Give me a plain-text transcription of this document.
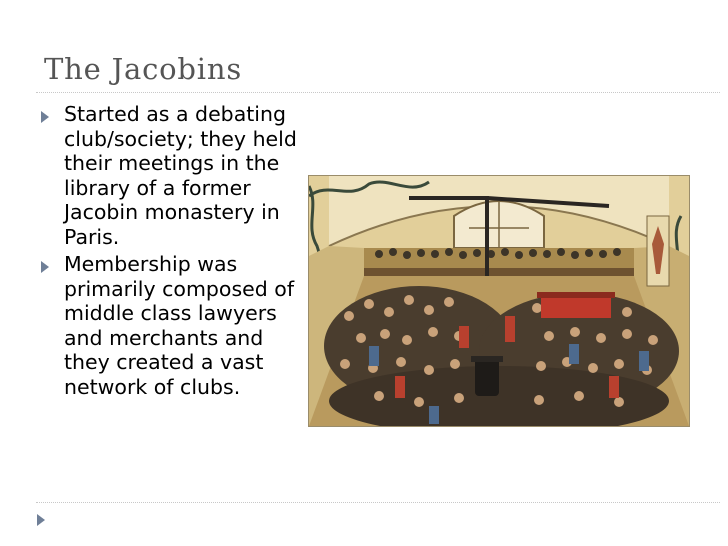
The Jacobins

Started as a debating club/society; they held their meetings in the library of a former Jacobin monastery in Paris.

Membership was primarily composed of middle class lawyers and merchants and they created a vast network of clubs.
